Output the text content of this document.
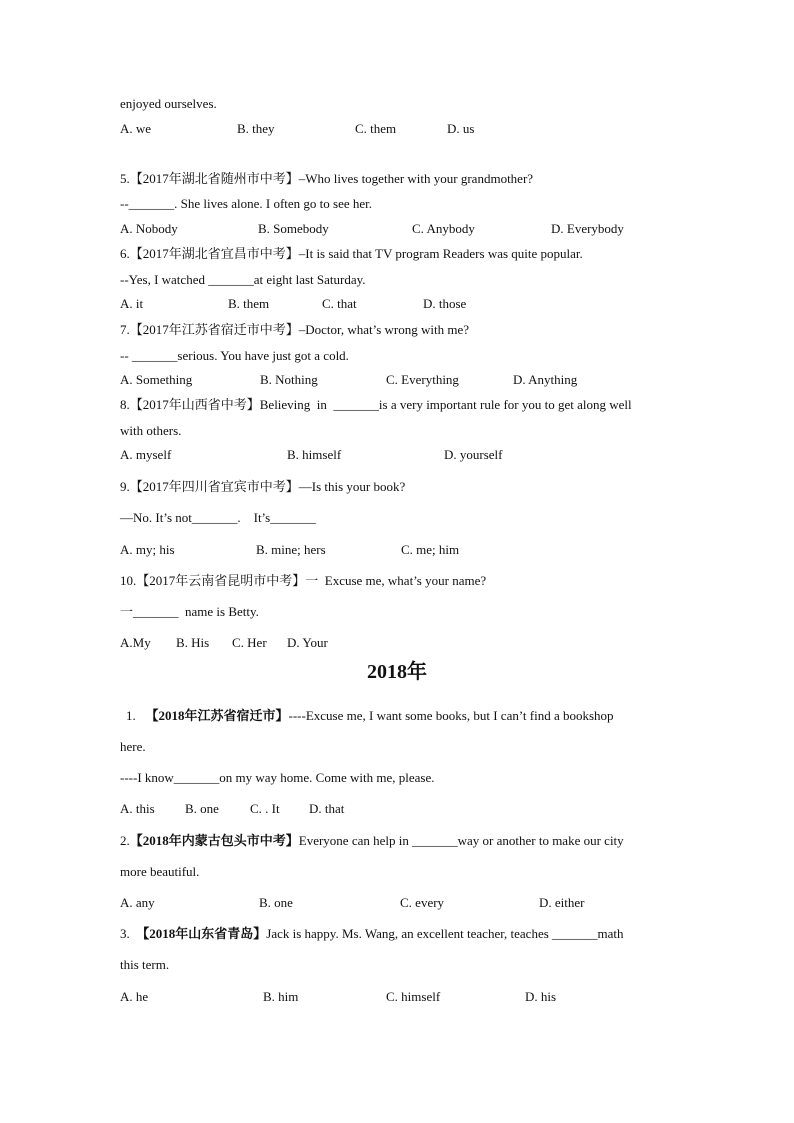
enjoyed ourselves.
A. we	B. they	C. them	D. us
5.【2017年湖北省随州市中考】–Who lives together with your grandmother?
--_______. She lives alone. I often go to see her.
A. Nobody	B. Somebody	C. Anybody	D. Everybody
6.【2017年湖北省宜昌市中考】–It is said that TV program Readers was quite popular.
--Yes, I watched _______at eight last Saturday.
A. it	B. them	C. that	D. those
7.【2017年江苏省宿迁市中考】–Doctor, what’s wrong with me?
-- _______serious. You have just got a cold.
A. Something	B. Nothing	C. Everything	D. Anything
8.【2017年山西省中考】Believing  in  _______is a very important rule for you to get along well
with others.
A. myself	B. himself	D. yourself
9.【2017年四川省宜宾市中考】—Is this your book?
—No. It’s not_______.    It’s_______
A. my; his	B. mine; hers	C. me; him
10.【2017年云南省昆明市中考】一  Excuse me, what’s your name?
一_______  name is Betty.
A.My B. His C. Her D. Your
2018年
1. 【2018年江苏省宿迁市】----Excuse me, I want some books, but I can’t find a bookshop
here.
----I know_______on my way home. Come with me, please.
A. this B. one C. . It D. that
2.【2018年内蒙古包头市中考】Everyone can help in _______way or another to make our city
more beautiful.
A. any	B. one	C. every	D. either
3. 【2018年山东省青岛】Jack is happy. Ms. Wang, an excellent teacher, teaches _______math
this term.
A. he	B. him	C. himself	D. his
